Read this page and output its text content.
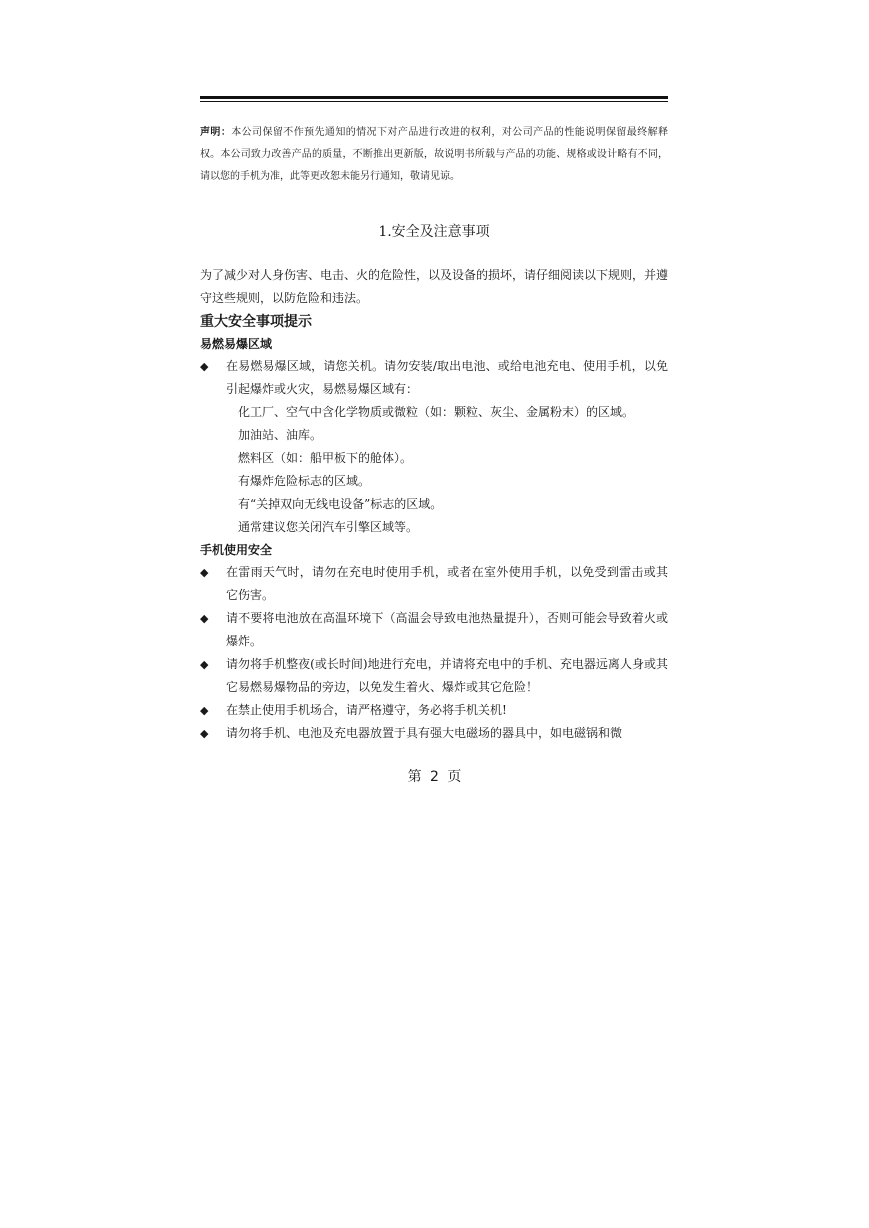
声明：本公司保留不作预先通知的情况下对产品进行改进的权利，对公司产品的性能说明保留最终解释权。本公司致力改善产品的质量，不断推出更新版，故说明书所载与产品的功能、规格或设计略有不同，请以您的手机为准，此等更改恕未能另行通知，敬请见谅。
1.安全及注意事项
为了减少对人身伤害、电击、火的危险性，以及设备的损坏，请仔细阅读以下规则，并遵守这些规则，以防危险和违法。
重大安全事项提示
易燃易爆区域
◆ 在易燃易爆区域，请您关机。请勿安装/取出电池、或给电池充电、使用手机，以免引起爆炸或火灾，易燃易爆区域有：
化工厂、空气中含化学物质或微粒（如：颗粒、灰尘、金属粉末）的区域。
加油站、油库。
燃料区（如：船甲板下的舱体）。
有爆炸危险标志的区域。
有“关掉双向无线电设备”标志的区域。
通常建议您关闭汽车引擎区域等。
手机使用安全
◆ 在雷雨天气时，请勿在充电时使用手机，或者在室外使用手机，以免受到雷击或其它伤害。
◆ 请不要将电池放在高温环境下（高温会导致电池热量提升），否则可能会导致着火或爆炸。
◆ 请勿将手机整夜(或长时间)地进行充电，并请将充电中的手机、充电器远离人身或其它易燃易爆物品的旁边，以免发生着火、爆炸或其它危险！
◆ 在禁止使用手机场合，请严格遵守，务必将手机关机!
◆ 请勿将手机、电池及充电器放置于具有强大电磁场的器具中，如电磁锅和微
第 2 页
